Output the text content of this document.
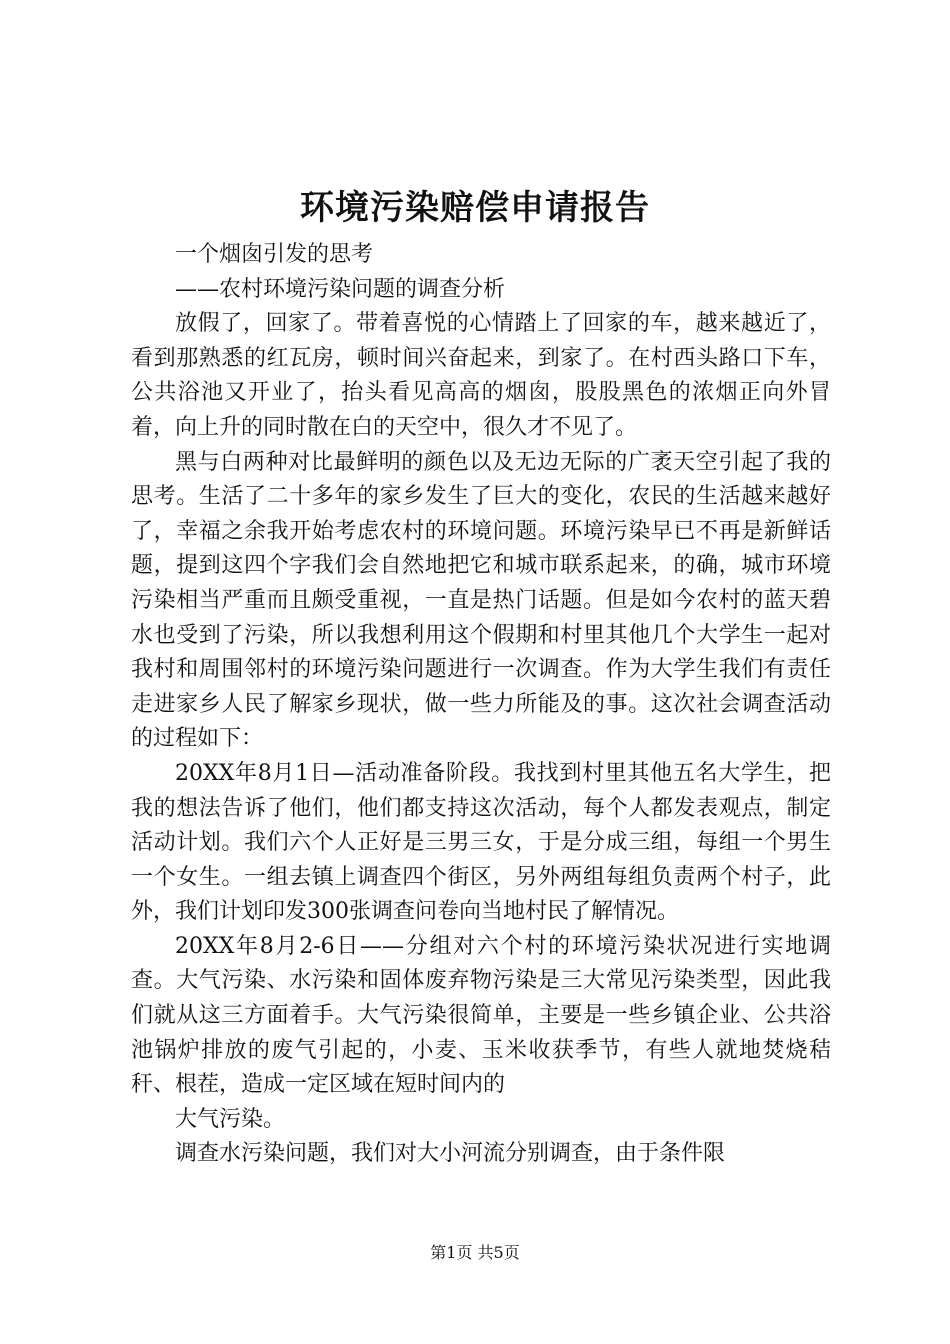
环境污染赔偿申请报告

一个烟囱引发的思考

——农村环境污染问题的调查分析

放假了，回家了。带着喜悦的心情踏上了回家的车，越来越近了，看到那熟悉的红瓦房，顿时间兴奋起来，到家了。在村西头路口下车，公共浴池又开业了，抬头看见高高的烟囱，股股黑色的浓烟正向外冒着，向上升的同时散在白的天空中，很久才不见了。

黑与白两种对比最鲜明的颜色以及无边无际的广袤天空引起了我的思考。生活了二十多年的家乡发生了巨大的变化，农民的生活越来越好了，幸福之余我开始考虑农村的环境问题。环境污染早已不再是新鲜话题，提到这四个字我们会自然地把它和城市联系起来，的确，城市环境污染相当严重而且颇受重视，一直是热门话题。但是如今农村的蓝天碧水也受到了污染，所以我想利用这个假期和村里其他几个大学生一起对我村和周围邻村的环境污染问题进行一次调查。作为大学生我们有责任走进家乡人民了解家乡现状，做一些力所能及的事。这次社会调查活动的过程如下：

20XX年8月1日—活动准备阶段。我找到村里其他五名大学生，把我的想法告诉了他们，他们都支持这次活动，每个人都发表观点，制定活动计划。我们六个人正好是三男三女，于是分成三组，每组一个男生一个女生。一组去镇上调查四个街区，另外两组每组负责两个村子，此外，我们计划印发300张调查问卷向当地村民了解情况。

20XX年8月2-6日——分组对六个村的环境污染状况进行实地调查。大气污染、水污染和固体废弃物污染是三大常见污染类型，因此我们就从这三方面着手。大气污染很简单，主要是一些乡镇企业、公共浴池锅炉排放的废气引起的，小麦、玉米收获季节，有些人就地焚烧秸秆、根茬，造成一定区域在短时间内的

大气污染。

调查水污染问题，我们对大小河流分别调查，由于条件限

第1页 共5页
